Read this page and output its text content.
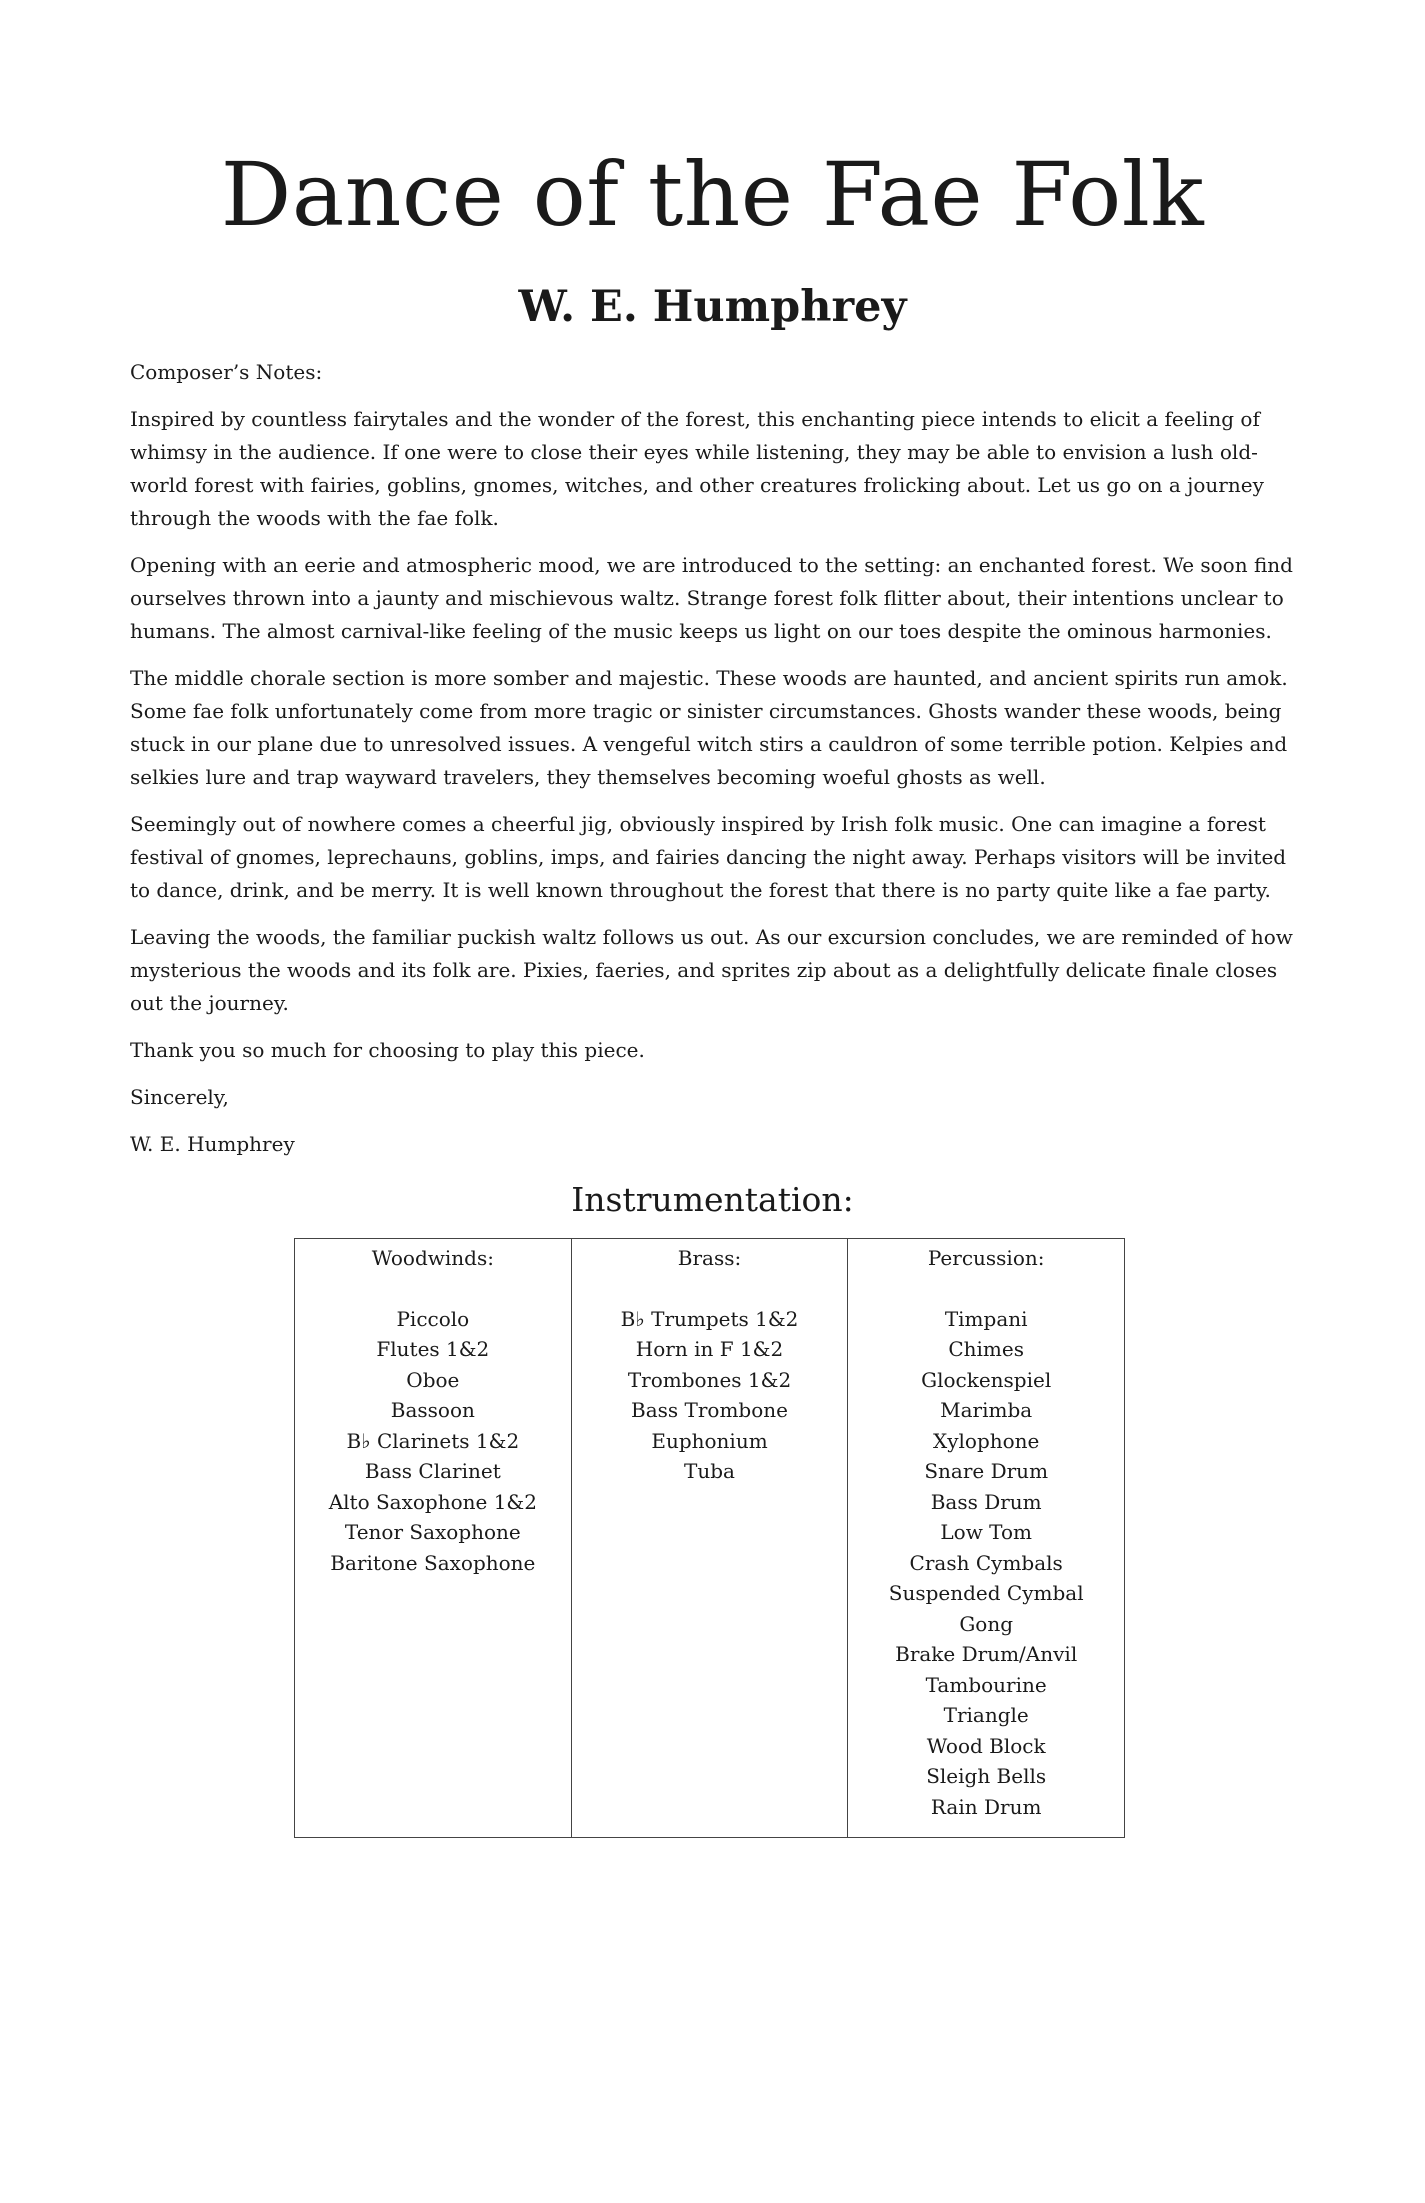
Dance of the Fae Folk
W. E. Humphrey

Composer’s Notes:

Inspired by countless fairytales and the wonder of the forest, this enchanting piece intends to elicit a feeling of whimsy in the audience. If one were to close their eyes while listening, they may be able to envision a lush old-world forest with fairies, goblins, gnomes, witches, and other creatures frolicking about. Let us go on a journey through the woods with the fae folk.

Opening with an eerie and atmospheric mood, we are introduced to the setting: an enchanted forest. We soon find ourselves thrown into a jaunty and mischievous waltz. Strange forest folk flitter about, their intentions unclear to humans. The almost carnival-like feeling of the music keeps us light on our toes despite the ominous harmonies.

The middle chorale section is more somber and majestic. These woods are haunted, and ancient spirits run amok. Some fae folk unfortunately come from more tragic or sinister circumstances. Ghosts wander these woods, being stuck in our plane due to unresolved issues. A vengeful witch stirs a cauldron of some terrible potion. Kelpies and selkies lure and trap wayward travelers, they themselves becoming woeful ghosts as well.

Seemingly out of nowhere comes a cheerful jig, obviously inspired by Irish folk music. One can imagine a forest festival of gnomes, leprechauns, goblins, imps, and fairies dancing the night away. Perhaps visitors will be invited to dance, drink, and be merry. It is well known throughout the forest that there is no party quite like a fae party.

Leaving the woods, the familiar puckish waltz follows us out. As our excursion concludes, we are reminded of how mysterious the woods and its folk are. Pixies, faeries, and sprites zip about as a delightfully delicate finale closes out the journey.

Thank you so much for choosing to play this piece.

Sincerely,

W. E. Humphrey

Instrumentation:
Woodwinds:
Piccolo
Flutes 1&2
Oboe
Bassoon
B♭ Clarinets 1&2
Bass Clarinet
Alto Saxophone 1&2
Tenor Saxophone
Baritone Saxophone
Brass:
B♭ Trumpets 1&2
Horn in F 1&2
Trombones 1&2
Bass Trombone
Euphonium
Tuba
Percussion:
Timpani
Chimes
Glockenspiel
Marimba
Xylophone
Snare Drum
Bass Drum
Low Tom
Crash Cymbals
Suspended Cymbal
Gong
Brake Drum/Anvil
Tambourine
Triangle
Wood Block
Sleigh Bells
Rain Drum
